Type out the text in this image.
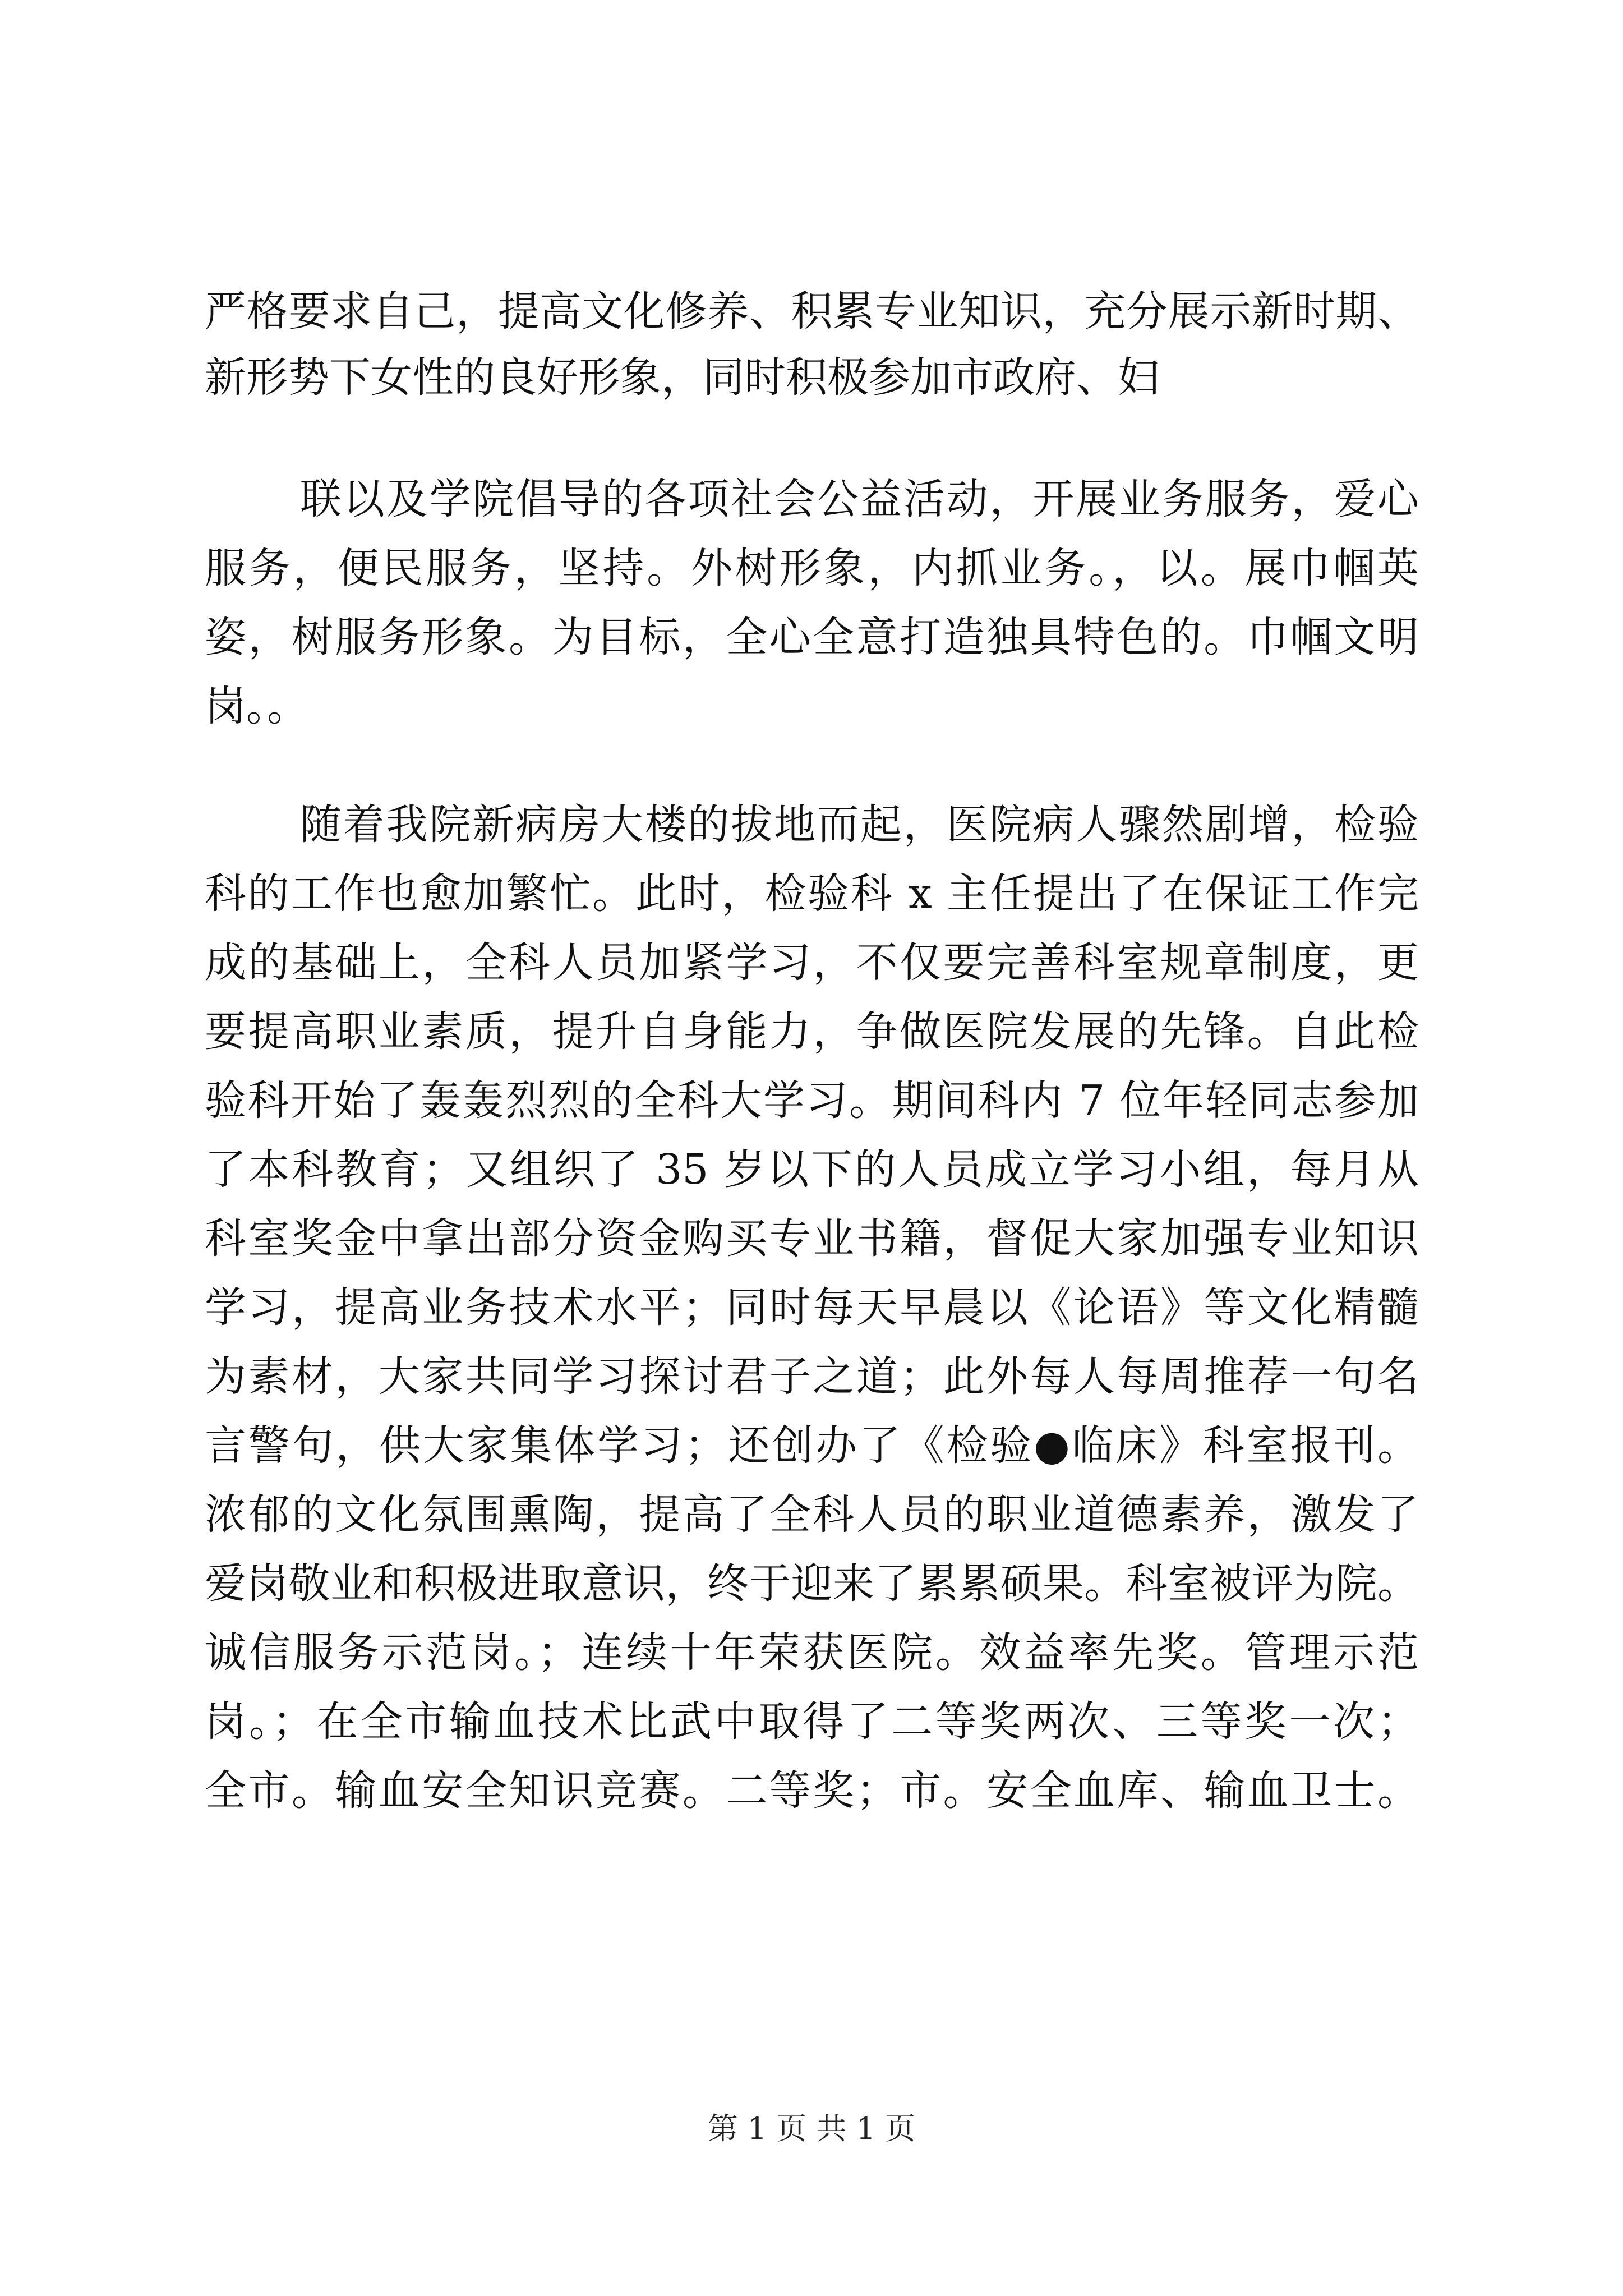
严格要求自己，提高文化修养、积累专业知识，充分展示新时期、
新形势下女性的良好形象，同时积极参加市政府、妇
联以及学院倡导的各项社会公益活动，开展业务服务，爱心
服务，便民服务，坚持。外树形象，内抓业务。，以。展巾帼英
姿，树服务形象。为目标，全心全意打造独具特色的。巾帼文明
岗。。
随着我院新病房大楼的拔地而起，医院病人骤然剧增，检验
科的工作也愈加繁忙。此时，检验科 x 主任提出了在保证工作完
成的基础上，全科人员加紧学习，不仅要完善科室规章制度，更
要提高职业素质，提升自身能力，争做医院发展的先锋。自此检
验科开始了轰轰烈烈的全科大学习。期间科内 7 位年轻同志参加
了本科教育；又组织了 35 岁以下的人员成立学习小组，每月从
科室奖金中拿出部分资金购买专业书籍，督促大家加强专业知识
学习，提高业务技术水平；同时每天早晨以《论语》等文化精髓
为素材，大家共同学习探讨君子之道；此外每人每周推荐一句名
言警句，供大家集体学习；还创办了《检验●临床》科室报刊。
浓郁的文化氛围熏陶，提高了全科人员的职业道德素养，激发了
爱岗敬业和积极进取意识，终于迎来了累累硕果。科室被评为院。
诚信服务示范岗。；连续十年荣获医院。效益率先奖。管理示范
岗。；在全市输血技术比武中取得了二等奖两次、三等奖一次；
全市。输血安全知识竞赛。二等奖；市。安全血库、输血卫士。
第 1 页 共 1 页
